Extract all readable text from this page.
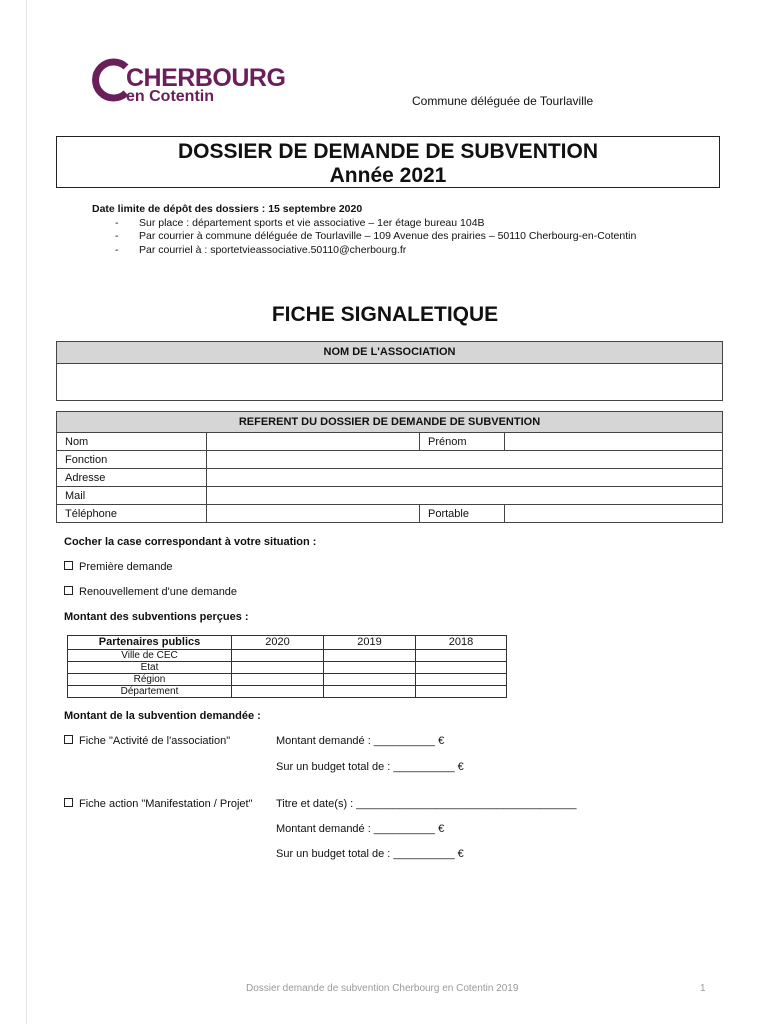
CHERBOURG
en Cotentin	Commune déléguée de Tourlaville
DOSSIER DE DEMANDE DE SUBVENTION
Année 2021
Date limite de dépôt des dossiers : 15 septembre 2020
- Sur place : département sports et vie associative – 1er étage bureau 104B
- Par courrier à commune déléguée de Tourlaville – 109 Avenue des prairies – 50110 Cherbourg-en-Cotentin
- Par courriel à : sportetvieassociative.50110@cherbourg.fr
FICHE SIGNALETIQUE
NOM DE L'ASSOCIATION
REFERENT DU DOSSIER DE DEMANDE DE SUBVENTION			
Nom		Prénom	
Fonction			
Adresse			
Mail			
Téléphone		Portable	
Cocher la case correspondant à votre situation :
Première demande
Renouvellement d'une demande
Montant des subventions perçues :
Partenaires publics	2020	2019	2018
Ville de CEC			
Etat			
Région			
Département			
Montant de la subvention demandée :
Fiche "Activité de l'association"	Montant demandé : __________ €
Sur un budget total de : __________ €
Fiche action "Manifestation / Projet" Titre et date(s) : ____________________________________
Montant demandé : __________ €
Sur un budget total de : __________ €
Dossier demande de subvention Cherbourg en Cotentin 2019	1
